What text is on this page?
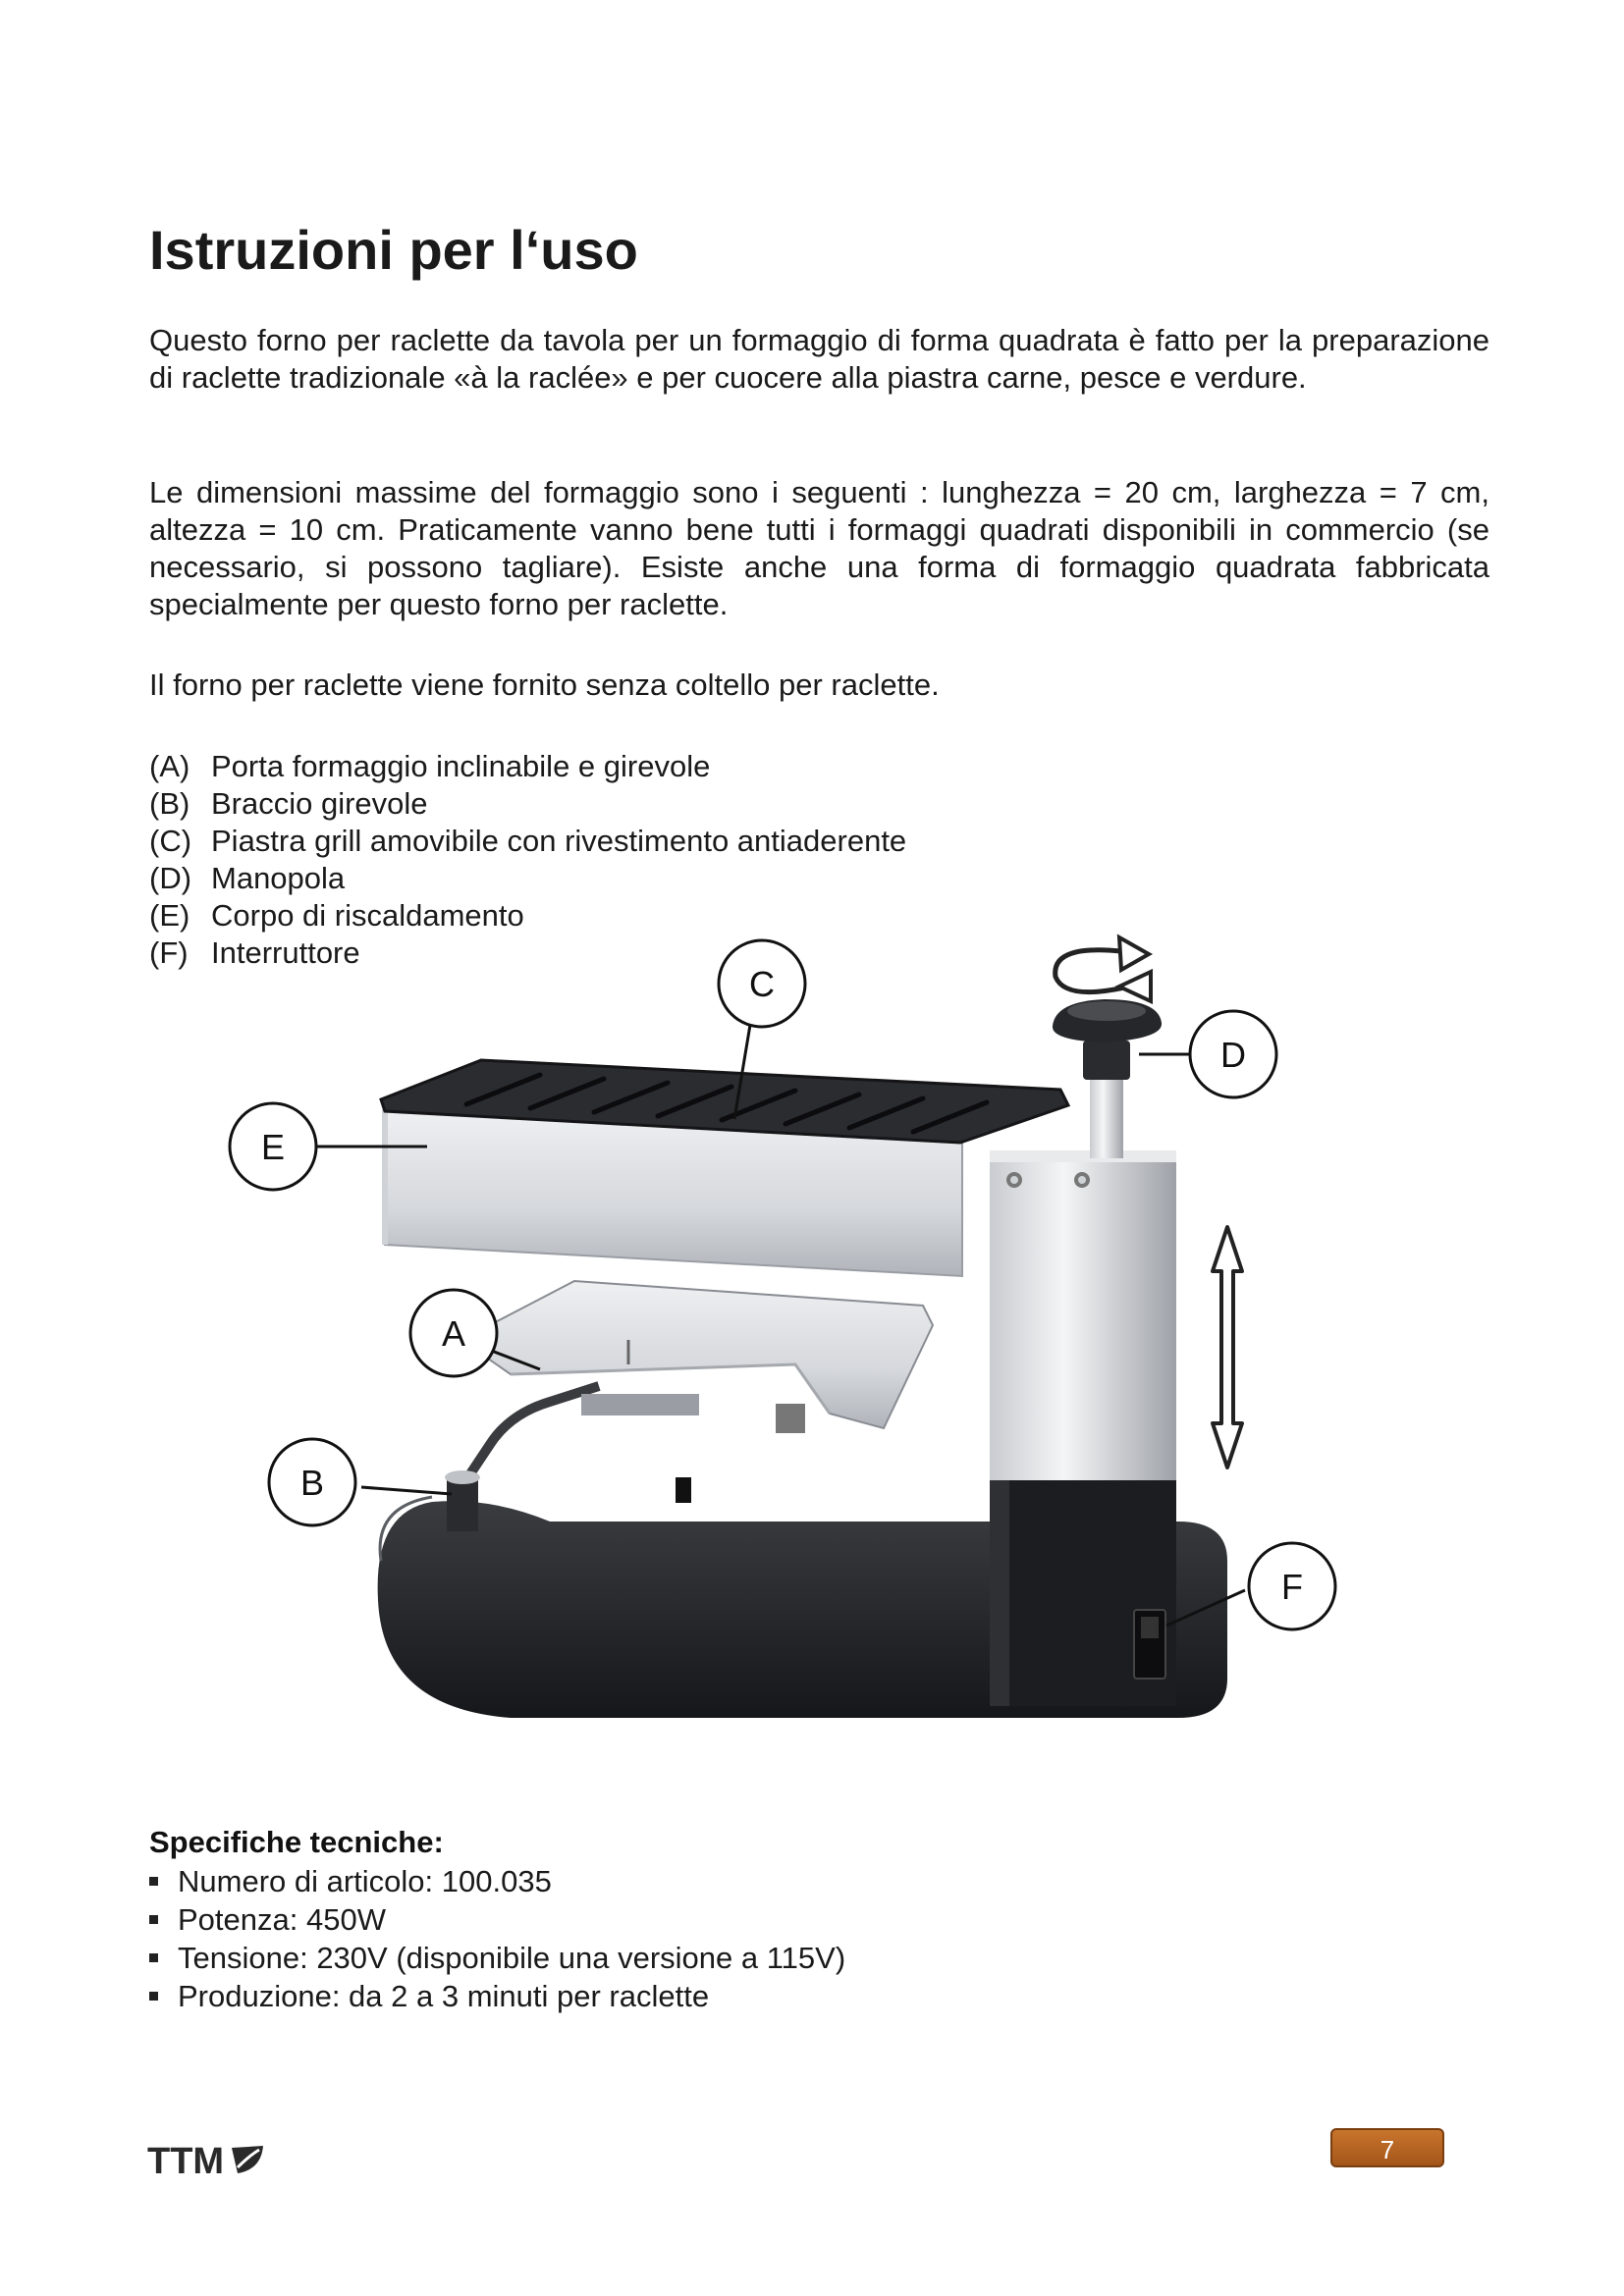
Istruzioni per l‘uso

Questo forno per raclette da tavola per un formaggio di forma quadrata è fatto per la preparazione di raclette tradizionale «à la raclée» e per cuocere alla piastra carne, pesce e verdure.

Le dimensioni massime del formaggio sono i seguenti : lunghezza = 20 cm, larghezza = 7 cm, altezza = 10 cm. Praticamente vanno bene tutti i formaggi quadrati disponibili in commercio (se necessario, si possono tagliare). Esiste anche una forma di formaggio quadrata fabbricata specialmente per questo forno per raclette.

Il forno per raclette viene fornito senza coltello per raclette.

(A) Porta formaggio inclinabile e girevole
(B) Braccio girevole
(C) Piastra grill amovibile con rivestimento antiaderente
(D) Manopola
(E) Corpo di riscaldamento
(F) Interruttore
E
C
D
A
B
F
Specifiche tecniche:
Numero di articolo: 100.035
Potenza: 450W
Tensione: 230V (disponibile una versione a 115V)
Produzione: da 2 a 3 minuti per raclette
TTM	7
